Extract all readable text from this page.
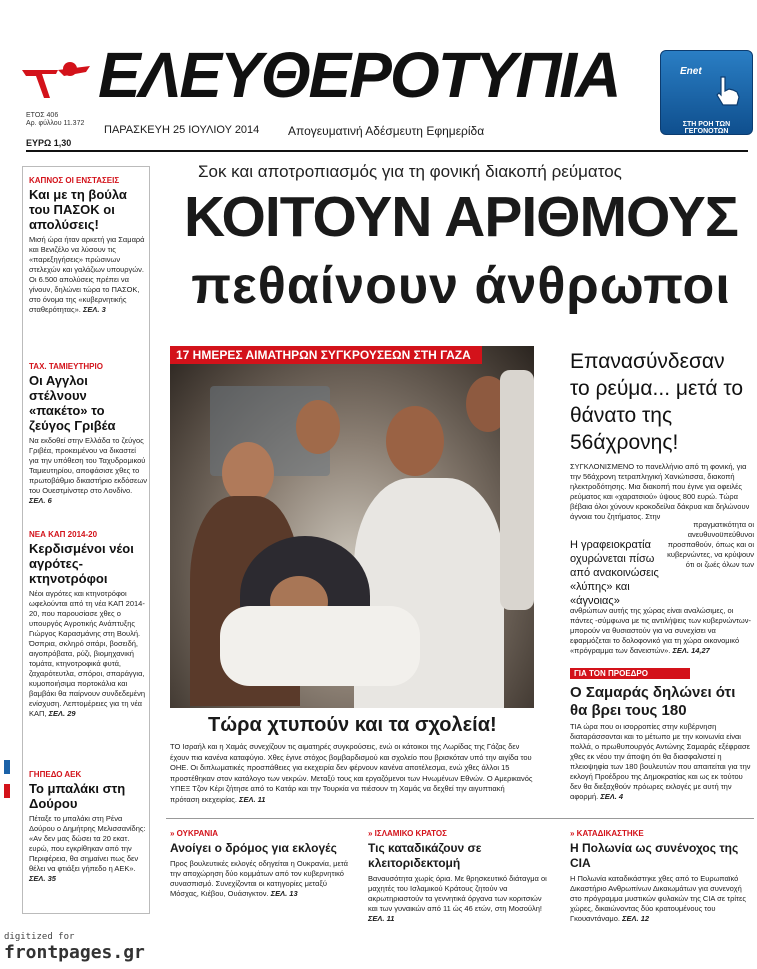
ΕΛΕΥΘΕΡΟΤΥΠΙΑ
ΕΤΟΣ 406
Αρ. φύλλου 11.372
ΕΥΡΩ 1,30
ΠΑΡΑΣΚΕΥΗ 25 ΙΟΥΛΙΟΥ 2014 Απογευματινή Αδέσμευτη Εφημερίδα
Enet
ΣΤΗ ΡΟΗ ΤΩΝ ΓΕΓΟΝΟΤΩΝ
ΚΑΠΝΟΣ ΟΙ ΕΝΣΤΑΣΕΙΣ
Και με τη βούλα του ΠΑΣΟΚ οι απολύσεις!
Μισή ώρα ήταν αρκετή για Σαμαρά και Βενιζέλο να λύσουν τις «παρεξηγήσεις» πρώσινων στελεχών και γαλάζιων υπουργών. Οι 6.500 απολύσεις πρέπει να γίνουν, δηλώνει τώρα το ΠΑΣΟΚ, στο όνομα της «κυβερνητικής σταθερότητας». ΣΕΛ. 3
ΤΑΧ. ΤΑΜΙΕΥΤΗΡΙΟ
Οι Αγγλοι στέλνουν «πακέτο» το ζεύγος Γριβέα
Να εκδοθεί στην Ελλάδα το ζεύγος Γριβέα, προκειμένου να δικαστεί για την υπόθεση του Ταχυδρομικού Ταμιευτηρίου, αποφάσισε χθες το πρωτοβάθμιο δικαστήριο εκδόσεων του Ουεστμίνστερ στο Λονδίνο. ΣΕΛ. 6
ΝΕΑ ΚΑΠ 2014-20
Κερδισμένοι νέοι αγρότες-κτηνοτρόφοι
Νέοι αγρότες και κτηνοτρόφοι ωφελούνται από τη νέα ΚΑΠ 2014-20, που παρουσίασε χθες ο υπουργός Αγροτικής Ανάπτυξης Γιώργος Καρασμάνης στη Βουλή. Όσπρια, σκληρό σιτάρι, βοσειδή, αιγοπρόβατα, ρύζι, βιομηχανική τομάτα, κτηνοτροφικά φυτά, ζαχαρότευτλα, σπόροι, σπαράγγια, κυμοποιήσιμα πορτοκάλια και βαμβάκι θα παίρνουν συνδεδεμένη ενίσχυση. Λεπτομέρειες για τη νέα ΚΑΠ, ΣΕΛ. 29
ΓΗΠΕΔΟ ΑΕΚ
Το μπαλάκι στη Δούρου
Πέταξε το μπαλάκι στη Ρένα Δούρου ο Δημήτρης Μελισσανίδης: «Αν δεν μας δώσει τα 20 εκατ. ευρώ, που εγκρίθηκαν από την Περιφέρεια, θα σημαίνει πως δεν θέλει να φτιάξει γήπεδο η ΑΕΚ». ΣΕΛ. 35
Σοκ και αποτροπιασμός για τη φονική διακοπή ρεύματος
ΚΟΙΤΟΥΝ ΑΡΙΘΜΟΥΣ
πεθαίνουν άνθρωποι
17 ΗΜΕΡΕΣ ΑΙΜΑΤΗΡΩΝ ΣΥΓΚΡΟΥΣΕΩΝ ΣΤΗ ΓΑΖΑ
Τώρα χτυπούν και τα σχολεία!
ΤΟ Ισραήλ και η Χαμάς συνεχίζουν τις αιματηρές συγκρούσεις, ενώ οι κάτοικοι της Λωρίδας της Γάζας δεν έχουν πια κανένα καταφύγιο. Χθες έγινε στόχος βομβαρδισμού και σχολείο που βρισκόταν υπό την αιγίδα του ΟΗΕ. Οι διπλωματικές προσπάθειες για εκεχειρία δεν φέρνουν κανένα αποτέλεσμα, ενώ χθες άλλοι 15 προστέθηκαν στον κατάλογο των νεκρών. Μεταξύ τους και εργαζόμενοι των Ηνωμένων Εθνών. Ο Αμερικανός ΥΠΕΞ Τζον Κέρι ζήτησε από το Κατάρ και την Τουρκία να πιέσουν τη Χαμάς να δεχθεί την αιγυπτιακή πρόταση εκεχειρίας. ΣΕΛ. 11
Επανασύνδεσαν το ρεύμα... μετά το θάνατο της 56άχρονης!
ΣΥΓΚΛΟΝΙΣΜΕΝΟ το πανελλήνιο από τη φονική, για την 56άχρονη τετραπληγική Χανιώτισσα, διακοπή ηλεκτροδότησης. Μια διακοπή που έγινε για οφειλές ρεύματος και «χαρατσιού» ύψους 800 ευρώ. Τώρα βέβαια όλοι χύνουν κροκοδείλια δάκρυα και δηλώνουν άγνοια του ζητήματος. Στην
Η γραφειοκρατία οχυρώνεται πίσω από ανακοινώσεις «λύπης» και «άγνοιας»
πραγματικότητα οι ανευθυνοϋπεύθυνοι προσπαθούν, όπως και οι κυβερνώντες, να κρύψουν ότι οι ζωές όλων των
ανθρώπων αυτής της χώρας είναι αναλώσιμες, οι πάντες -σύμφωνα με τις αντιλήψεις των κυβερνώντων- μπορούν να θυσιαστούν για να συνεχίσει να εφαρμόζεται το δολοφονικό για τη χώρα οικονομικό «πρόγραμμα των δανειστών». ΣΕΛ. 14,27
ΓΙΑ ΤΟΝ ΠΡΟΕΔΡΟ
Ο Σαμαράς δηλώνει ότι θα βρει τους 180
ΤΙΑ ώρα που οι ισορροπίες στην κυβέρνηση διαταράσσονται και το μέτωπο με την κοινωνία είναι πολλά, ο πρωθυπουργός Αντώνης Σαμαράς εξέφρασε χθες εκ νέου την άποψη ότι θα διασφαλιστεί η πλειοψηφία των 180 βουλευτών που απαιτείται για την εκλογή Προέδρου της Δημοκρατίας και ως εκ τούτου δεν θα διεξαχθούν πρόωρες εκλογές με αυτή την αφορμή. ΣΕΛ. 4
» ΟΥΚΡΑΝΙΑ
Ανοίγει ο δρόμος για εκλογές
Προς βουλευτικές εκλογές οδηγείται η Ουκρανία, μετά την αποχώρηση δύο κομμάτων από τον κυβερνητικό συνασπισμό. Συνεχίζονται οι κατηγορίες μεταξύ Μόσχας, Κιέβου, Ουάσιγκτον. ΣΕΛ. 13
» ΙΣΛΑΜΙΚΟ ΚΡΑΤΟΣ
Τις καταδικάζουν σε κλειτοριδεκτομή
Βαναυσότητα χωρίς όρια. Με θρησκευτικό διάταγμα οι μαχητές του Ισλαμικού Κράτους ζητούν να ακρωτηριαστούν τα γεννητικά όργανα των κοριτσιών και των γυναικών από 11 ώς 46 ετών, στη Μοσούλη! ΣΕΛ. 11
» ΚΑΤΑΔΙΚΑΣΤΗΚΕ
Η Πολωνία ως συνένοχος της CIA
Η Πολωνία καταδικάστηκε χθες από το Ευρωπαϊκό Δικαστήριο Ανθρωπίνων Δικαιωμάτων για συνενοχή στο πρόγραμμα μυστικών φυλακών της CIA σε τρίτες χώρες, δικαιώνοντας δύο κρατουμένους του Γκουαντάναμο. ΣΕΛ. 12
digitized for
frontpages.gr
